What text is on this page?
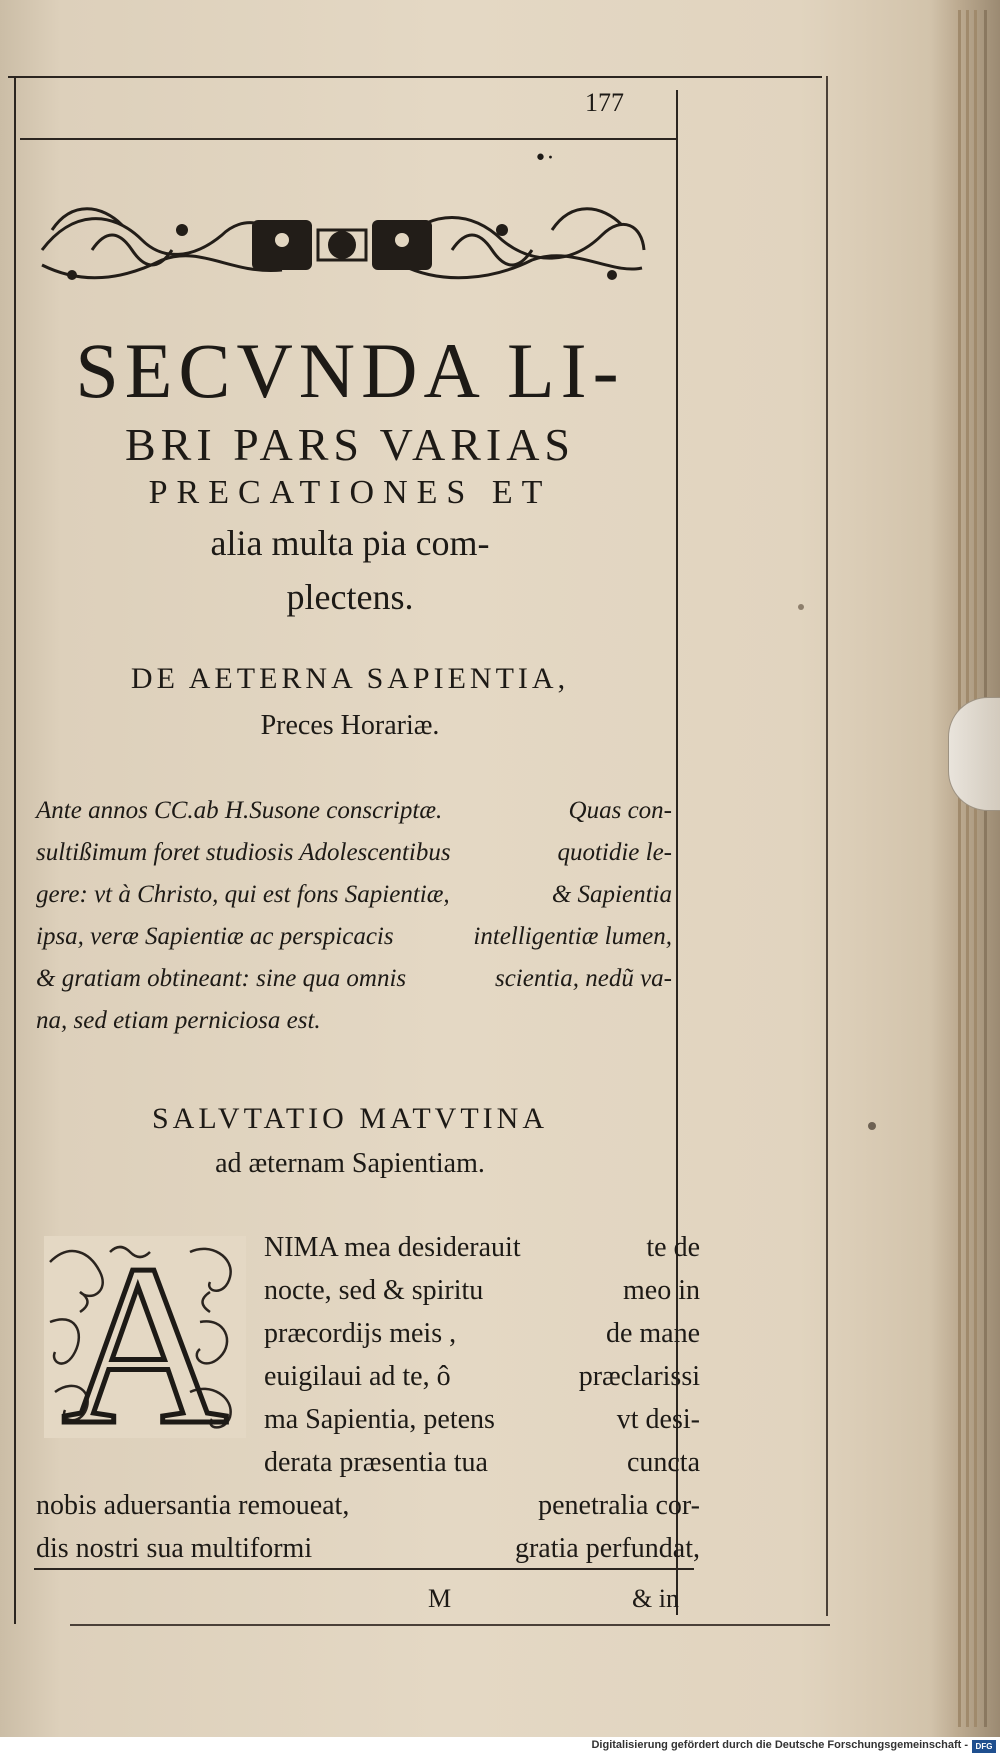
177
•·
SECVNDA LI-
BRI PARS VARIAS
PRECATIONES ET
alia multa pia com-
plectens.
DE AETERNA SAPIENTIA,
Preces Horariæ.
Ante annos CC.ab H.Susone conscriptæ.	Quas con-
sultißimum foret studiosis Adolescentibus	quotidie le-
gere: vt à Christo, qui est fons Sapientiæ,	& Sapientia
ipsa, veræ Sapientiæ ac perspicacis	intelligentiæ lumen,
& gratiam obtineant: sine qua omnis	scientia, nedũ va-
na, sed etiam perniciosa est.
SALVTATIO MATVTINA
ad æternam Sapientiam.
A NIMA mea desiderauit	te de
nocte, sed & spiritu	meo in
præcordijs meis ,	de mane
euigilaui ad te, ô	præclarissi
ma Sapientia, petens	vt desi-
derata præsentia tua	cuncta
nobis aduersantia remoueat,	penetralia cor-
dis nostri sua multiformi	gratia perfundat,
M	& in
Digitalisierung gefördert durch die Deutsche Forschungsgemeinschaft - DFG
